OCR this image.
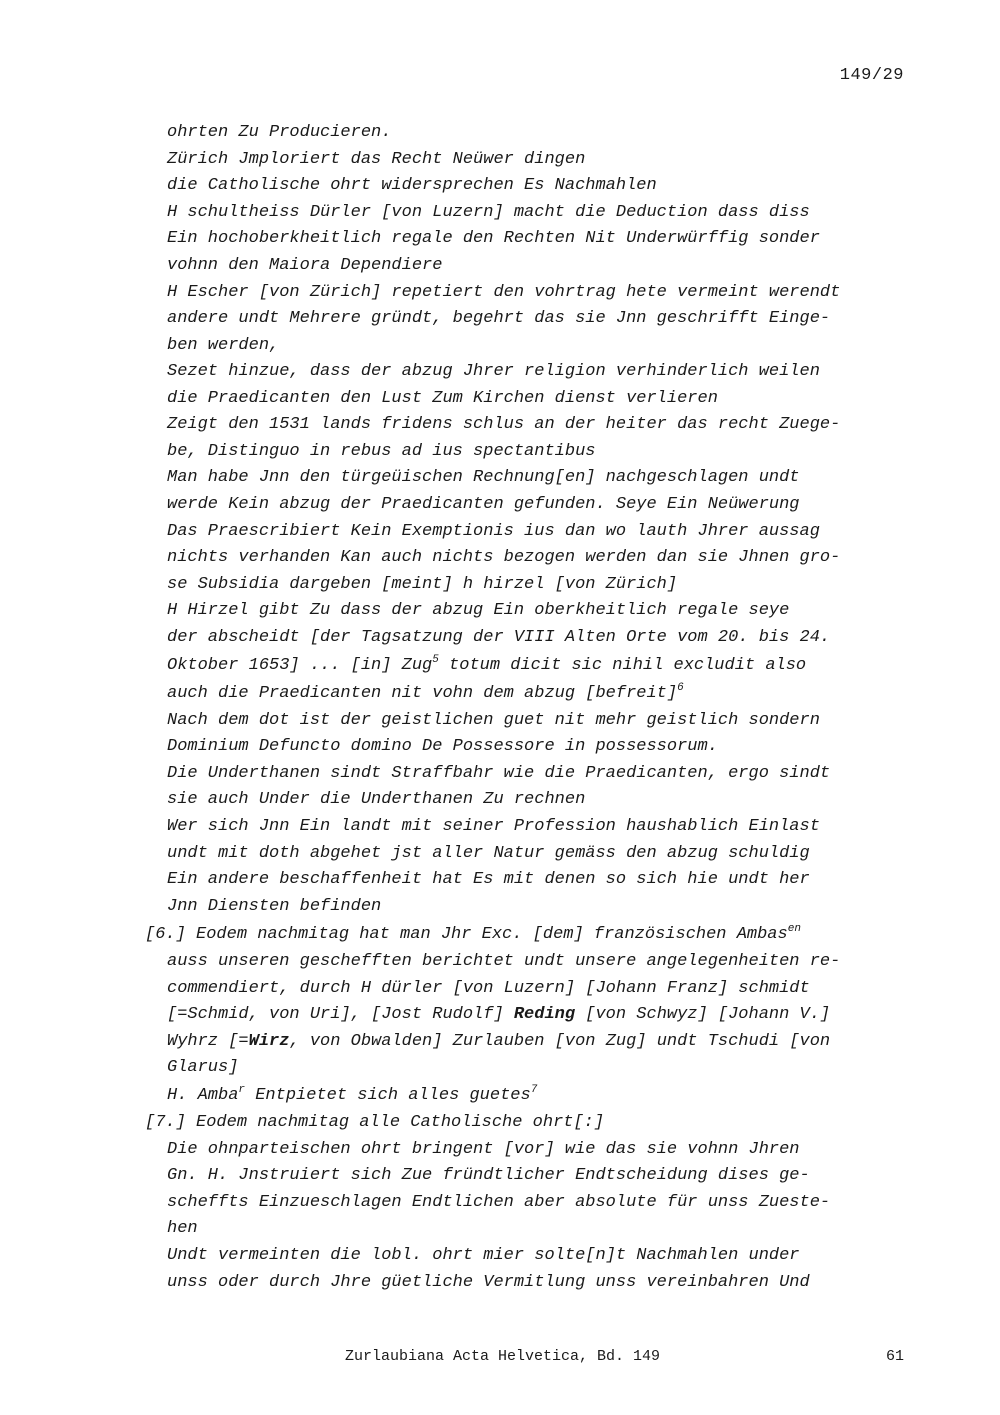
149/29
ohrten Zu Producieren.
Zürich Jmploriert das Recht Neüwer dingen
die Catholische ohrt widersprechen Es Nachmahlen
H schultheiss Dürler [von Luzern] macht die Deduction dass diss
Ein hochoberkheitlich regale den Rechten Nit Underwürffig sonder
vohnn den Maiora Dependiere
H Escher [von Zürich] repetiert den vohrtrag hete vermeint werendt
andere undt Mehrere gründt, begehrt das sie Jnn geschrifft Einge-
ben werden,
Sezet hinzue, dass der abzug Jhrer religion verhinderlich weilen
die Praedicanten den Lust Zum Kirchen dienst verlieren
Zeigt den 1531 lands fridens schlus an der heiter das recht Zuege-
be, Distinguo in rebus ad ius spectantibus
Man habe Jnn den türgeüischen Rechnung[en] nachgeschlagen undt
werde Kein abzug der Praedicanten gefunden. Seye Ein Neüwerung
Das Praescribiert Kein Exemptionis ius dan wo lauth Jhrer aussag
nichts verhanden Kan auch nichts bezogen werden dan sie Jhnen gro-
se Subsidia dargeben [meint] h hirzel [von Zürich]
H Hirzel gibt Zu dass der abzug Ein oberkheitlich regale seye
der abscheidt [der Tagsatzung der VIII Alten Orte vom 20. bis 24.
Oktober 1653] ... [in] Zug$^5$ totum dicit sic nihil excludit also
auch die Praedicanten nit vohn dem abzug [befreit]$^6$
Nach dem dot ist der geistlichen guet nit mehr geistlich sondern
Dominium Defuncto domino De Possessore in possessorum.
Die Underthanen sindt Straffbahr wie die Praedicanten, ergo sindt
sie auch Under die Underthanen Zu rechnen
Wer sich Jnn Ein landt mit seiner Profession haushablich Einlast
undt mit doth abgehet jst aller Natur gemäss den abzug schuldig
Ein andere beschaffenheit hat Es mit denen so sich hie undt her
Jnn Diensten befinden
[6.] Eodem nachmitag hat man Jhr Exc. [dem] französischen Ambas$^{en}$
auss unseren geschefften berichtet undt unsere angelegenheiten re-
commendiert, durch H dürler [von Luzern] [Johann Franz] schmidt
[=Schmid, von Uri], [Jost Rudolf] Reding [von Schwyz] [Johann V.]
Wyhrz [=Wirz, von Obwalden] Zurlauben [von Zug] undt Tschudi [von
Glarus]
H. Amba$^r$ Entpietet sich alles guetes$^7$
[7.] Eodem nachmitag alle Catholische ohrt[:]
Die ohnparteischen ohrt bringent [vor] wie das sie vohnn Jhren
Gn. H. Jnstruiert sich Zue fründtlicher Endtscheidung dises ge-
scheffts Einzueschlagen Endtlichen aber absolute für unss Zueste-
hen
Undt vermeinten die lobl. ohrt mier solte[n]t Nachmahlen under
unss oder durch Jhre güetliche Vermitlung unss vereinbahren Und
Zurlaubiana Acta Helvetica, Bd. 149	61
